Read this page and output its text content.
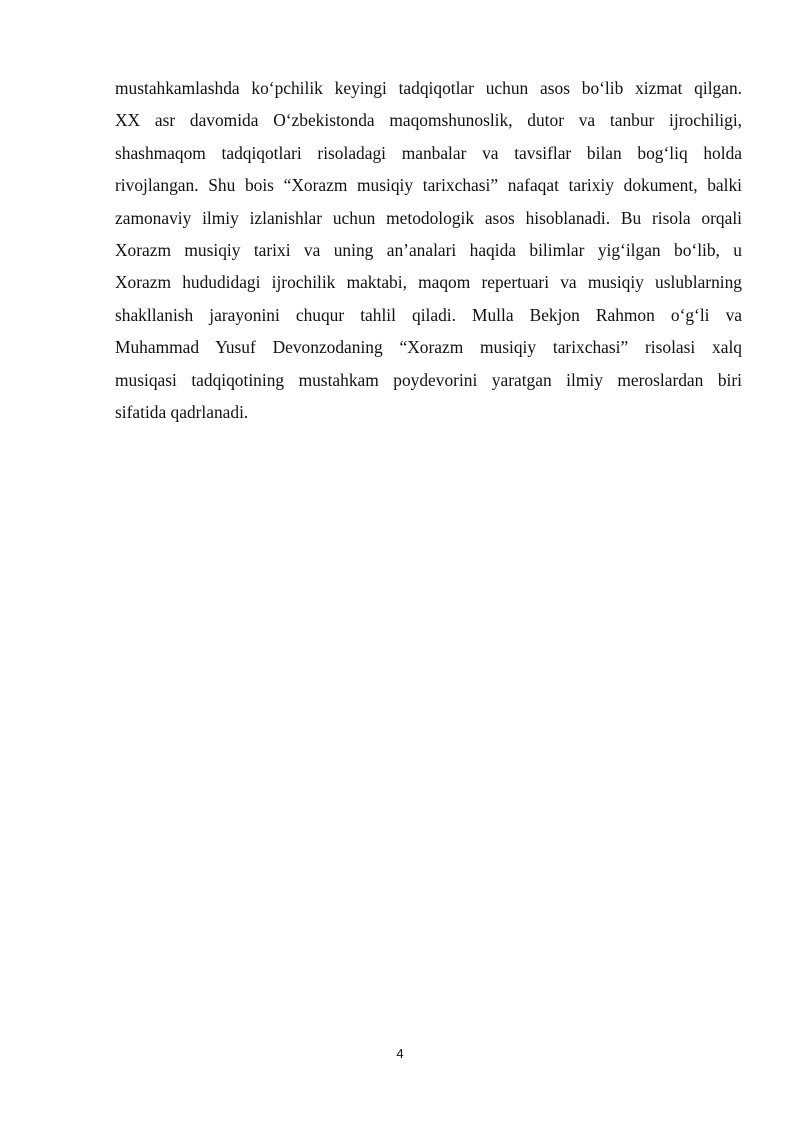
mustahkamlashda ko‘pchilik keyingi tadqiqotlar uchun asos bo‘lib xizmat qilgan.
XX asr davomida O‘zbekistonda maqomshunoslik, dutor va tanbur ijrochiligi,
shashmaqom tadqiqotlari risoladagi manbalar va tavsiflar bilan bog‘liq holda
rivojlangan. Shu bois “Xorazm musiqiy tarixchasi” nafaqat tarixiy dokument, balki
zamonaviy ilmiy izlanishlar uchun metodologik asos hisoblanadi. Bu risola orqali
Xorazm musiqiy tarixi va uning an’analari haqida bilimlar yig‘ilgan bo‘lib, u
Xorazm hududidagi ijrochilik maktabi, maqom repertuari va musiqiy uslublarning
shakllanish jarayonini chuqur tahlil qiladi. Mulla Bekjon Rahmon o‘g‘li va
Muhammad Yusuf Devonzodaning “Xorazm musiqiy tarixchasi” risolasi xalq
musiqasi tadqiqotining mustahkam poydevorini yaratgan ilmiy meroslardan biri
sifatida qadrlanadi.
4
